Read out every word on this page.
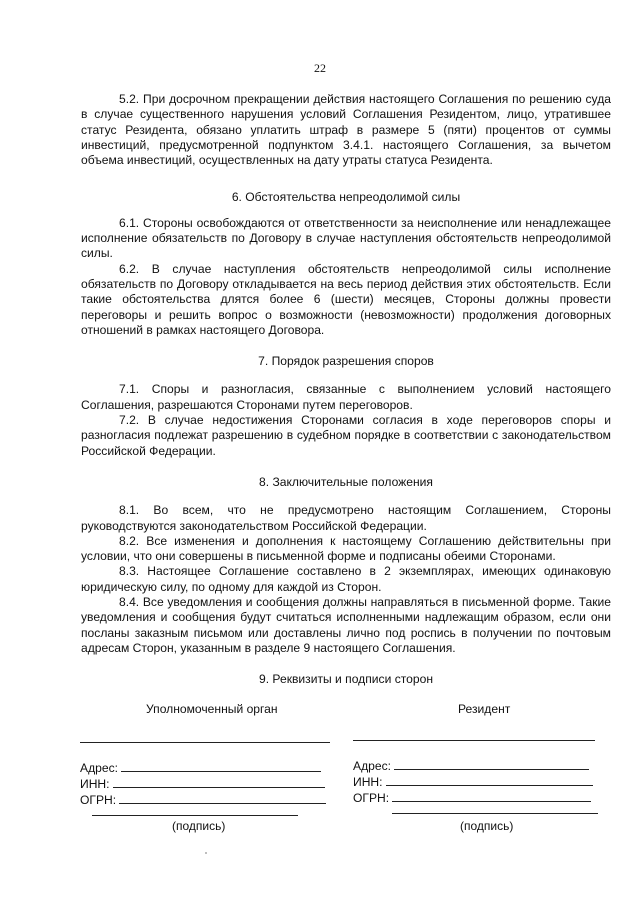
22

5.2. При досрочном прекращении действия настоящего Соглашения по решению суда в случае существенного нарушения условий Соглашения Резидентом, лицо, утратившее статус Резидента, обязано уплатить штраф в размере 5 (пяти) процентов от суммы инвестиций, предусмотренной подпунктом 3.4.1. настоящего Соглашения, за вычетом объема инвестиций, осуществленных на дату утраты статуса Резидента.

6. Обстоятельства непреодолимой силы

6.1. Стороны освобождаются от ответственности за неисполнение или ненадлежащее исполнение обязательств по Договору в случае наступления обстоятельств непреодолимой силы.

6.2. В случае наступления обстоятельств непреодолимой силы исполнение обязательств по Договору откладывается на весь период действия этих обстоятельств. Если такие обстоятельства длятся более 6 (шести) месяцев, Стороны должны провести переговоры и решить вопрос о возможности (невозможности) продолжения договорных отношений в рамках настоящего Договора.

7. Порядок разрешения споров

7.1. Споры и разногласия, связанные с выполнением условий настоящего Соглашения, разрешаются Сторонами путем переговоров.

7.2. В случае недостижения Сторонами согласия в ходе переговоров споры и разногласия подлежат разрешению в судебном порядке в соответствии с законодательством Российской Федерации.

8. Заключительные положения

8.1. Во всем, что не предусмотрено настоящим Соглашением, Стороны руководствуются законодательством Российской Федерации.

8.2. Все изменения и дополнения к настоящему Соглашению действительны при условии, что они совершены в письменной форме и подписаны обеими Сторонами.

8.3. Настоящее Соглашение составлено в 2 экземплярах, имеющих одинаковую юридическую силу, по одному для каждой из Сторон.

8.4. Все уведомления и сообщения должны направляться в письменной форме. Такие уведомления и сообщения будут считаться исполненными надлежащим образом, если они посланы заказным письмом или доставлены лично под роспись в получении по почтовым адресам Сторон, указанным в разделе 9 настоящего Соглашения.

9. Реквизиты и подписи сторон
Уполномоченный орган
Адрес:
ИНН:
ОГРН:
(подпись)
Резидент
Адрес:
ИНН:
ОГРН:
(подпись)
